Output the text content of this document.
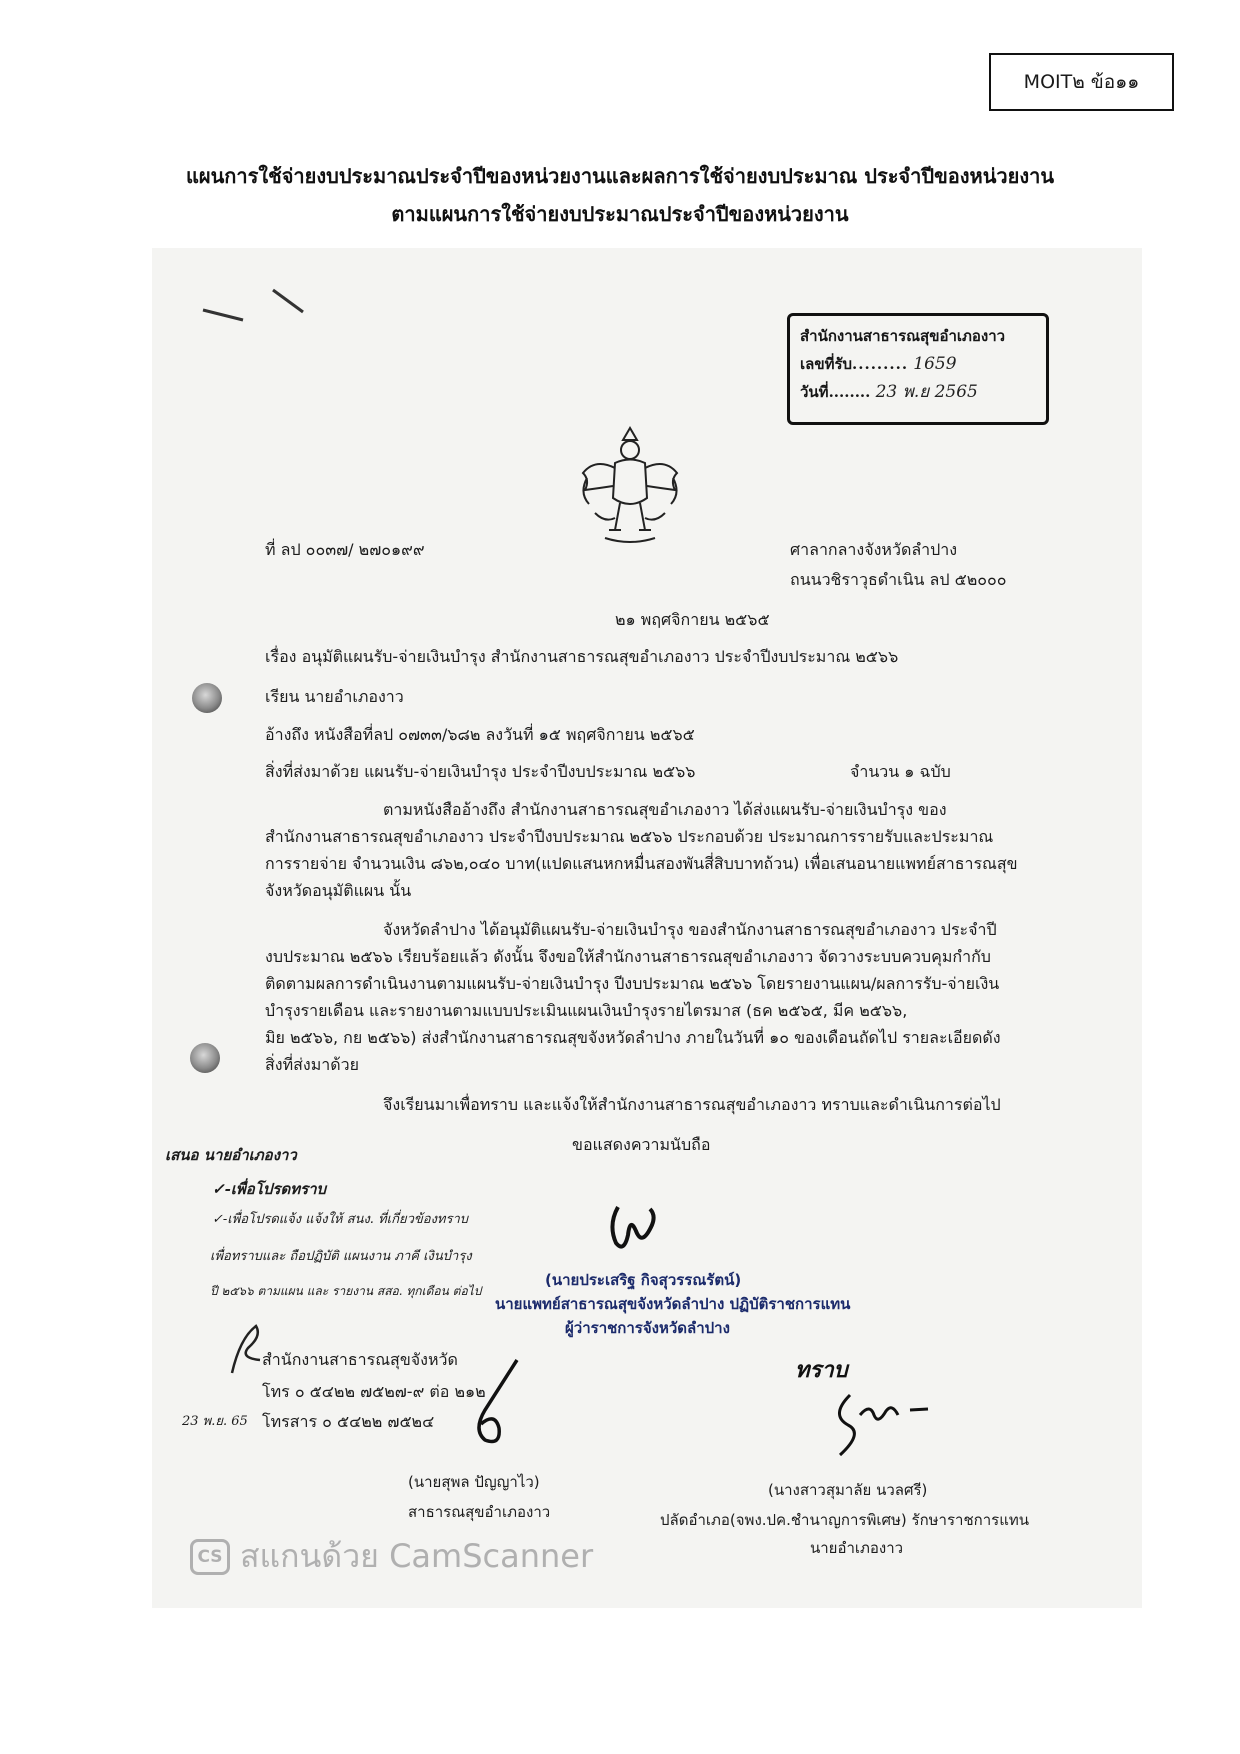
MOIT๒ ข้อ๑๑
แผนการใช้จ่ายงบประมาณประจำปีของหน่วยงานและผลการใช้จ่ายงบประมาณ ประจำปีของหน่วยงาน
ตามแผนการใช้จ่ายงบประมาณประจำปีของหน่วยงาน
สำนักงานสาธารณสุขอำเภองาว
เลขที่รับ......... 1659
วันที่........ 23 พ.ย 2565
ที่ ลป ๐๐๓๗/ ๒๗๐๑๙๙	ศาลากลางจังหวัดลำปาง
ถนนวชิราวุธดำเนิน ลป ๕๒๐๐๐
๒๑ พฤศจิกายน ๒๕๖๕
เรื่อง อนุมัติแผนรับ-จ่ายเงินบำรุง สำนักงานสาธารณสุขอำเภองาว ประจำปีงบประมาณ ๒๕๖๖
เรียน นายอำเภองาว
อ้างถึง หนังสือที่ลป ๐๗๓๓/๖๘๒ ลงวันที่ ๑๕ พฤศจิกายน ๒๕๖๕
สิ่งที่ส่งมาด้วย แผนรับ-จ่ายเงินบำรุง ประจำปีงบประมาณ ๒๕๖๖	จำนวน ๑ ฉบับ
ตามหนังสืออ้างถึง สำนักงานสาธารณสุขอำเภองาว ได้ส่งแผนรับ-จ่ายเงินบำรุง ของ
สำนักงานสาธารณสุขอำเภองาว ประจำปีงบประมาณ ๒๕๖๖ ประกอบด้วย ประมาณการรายรับและประมาณ
การรายจ่าย จำนวนเงิน ๘๖๒,๐๔๐ บาท(แปดแสนหกหมื่นสองพันสี่สิบบาทถ้วน) เพื่อเสนอนายแพทย์สาธารณสุข
จังหวัดอนุมัติแผน นั้น
จังหวัดลำปาง ได้อนุมัติแผนรับ-จ่ายเงินบำรุง ของสำนักงานสาธารณสุขอำเภองาว ประจำปี
งบประมาณ ๒๕๖๖ เรียบร้อยแล้ว ดังนั้น จึงขอให้สำนักงานสาธารณสุขอำเภองาว จัดวางระบบควบคุมกำกับ
ติดตามผลการดำเนินงานตามแผนรับ-จ่ายเงินบำรุง ปีงบประมาณ ๒๕๖๖ โดยรายงานแผน/ผลการรับ-จ่ายเงิน
บำรุงรายเดือน และรายงานตามแบบประเมินแผนเงินบำรุงรายไตรมาส (ธค ๒๕๖๕, มีค ๒๕๖๖,
มิย ๒๕๖๖, กย ๒๕๖๖) ส่งสำนักงานสาธารณสุขจังหวัดลำปาง ภายในวันที่ ๑๐ ของเดือนถัดไป รายละเอียดดัง
สิ่งที่ส่งมาด้วย
จึงเรียนมาเพื่อทราบ และแจ้งให้สำนักงานสาธารณสุขอำเภองาว ทราบและดำเนินการต่อไป
ขอแสดงความนับถือ
เสนอ นายอำเภองาว
✓-เพื่อโปรดทราบ
✓-เพื่อโปรดแจ้ง แจ้งให้ สนง. ที่เกี่ยวข้องทราบ
เพื่อทราบและ ถือปฏิบัติ แผนงาน ภาคี เงินบำรุง
ปี ๒๕๖๖ ตามแผน และ รายงาน สสอ. ทุกเดือน ต่อไป
(นายประเสริฐ กิจสุวรรณรัตน์)
นายแพทย์สาธารณสุขจังหวัดลำปาง ปฏิบัติราชการแทน
ผู้ว่าราชการจังหวัดลำปาง
สำนักงานสาธารณสุขจังหวัด
โทร ๐ ๕๔๒๒ ๗๕๒๗-๙ ต่อ ๒๑๒
23 พ.ย. 65 โทรสาร ๐ ๕๔๒๒ ๗๕๒๔
(นายสุพล ปัญญาไว)
สาธารณสุขอำเภองาว
ทราบ
(นางสาวสุมาลัย นวลศรี)
ปลัดอำเภอ(จพง.ปค.ชำนาญการพิเศษ) รักษาราชการแทน
นายอำเภองาว
CS สแกนด้วย CamScanner
